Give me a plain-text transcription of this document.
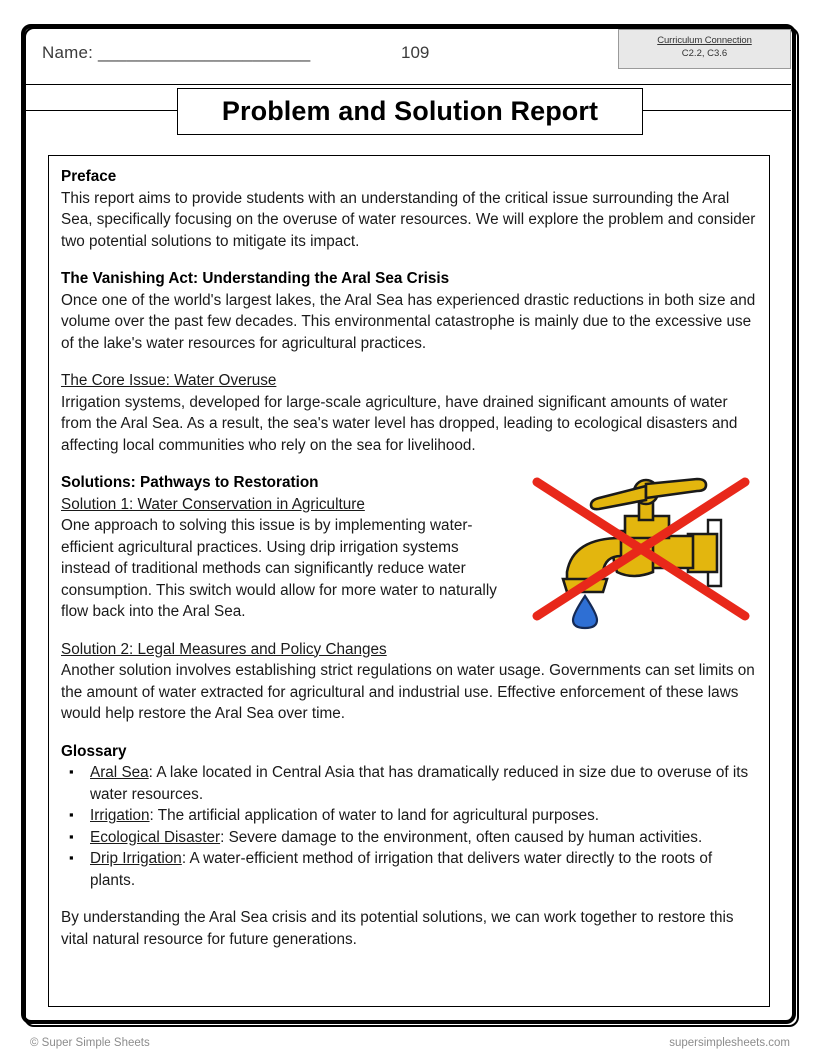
Name: ______________________	109
Curriculum Connection
C2.2, C3.6
Problem and Solution Report
Preface
This report aims to provide students with an understanding of the critical issue surrounding the Aral Sea, specifically focusing on the overuse of water resources. We will explore the problem and consider two potential solutions to mitigate its impact.
The Vanishing Act: Understanding the Aral Sea Crisis
Once one of the world's largest lakes, the Aral Sea has experienced drastic reductions in both size and volume over the past few decades. This environmental catastrophe is mainly due to the excessive use of the lake's water resources for agricultural practices.
The Core Issue: Water Overuse
Irrigation systems, developed for large-scale agriculture, have drained significant amounts of water from the Aral Sea. As a result, the sea's water level has dropped, leading to ecological disasters and affecting local communities who rely on the sea for livelihood.
Solutions: Pathways to Restoration
Solution 1: Water Conservation in Agriculture
One approach to solving this issue is by implementing water-efficient agricultural practices. Using drip irrigation systems instead of traditional methods can significantly reduce water consumption. This switch would allow for more water to naturally flow back into the Aral Sea.
Solution 2: Legal Measures and Policy Changes
Another solution involves establishing strict regulations on water usage. Governments can set limits on the amount of water extracted for agricultural and industrial use. Effective enforcement of these laws would help restore the Aral Sea over time.
Glossary
▪ Aral Sea: A lake located in Central Asia that has dramatically reduced in size due to overuse of its water resources.
▪ Irrigation: The artificial application of water to land for agricultural purposes.
▪ Ecological Disaster: Severe damage to the environment, often caused by human activities.
▪ Drip Irrigation: A water-efficient method of irrigation that delivers water directly to the roots of plants.
By understanding the Aral Sea crisis and its potential solutions, we can work together to restore this vital natural resource for future generations.
© Super Simple Sheets	supersimplesheets.com
